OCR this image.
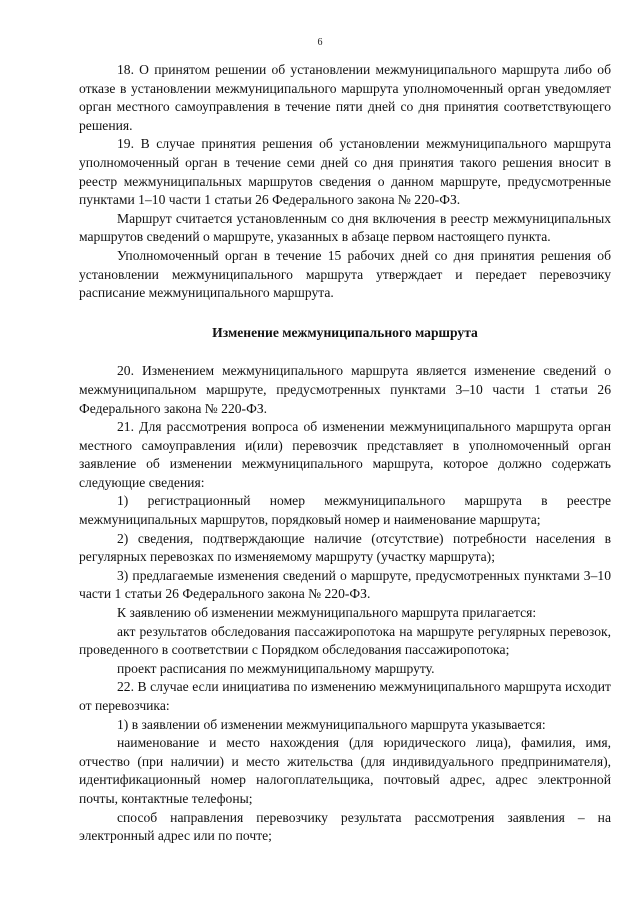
6

18. О принятом решении об установлении межмуниципального маршрута либо об отказе в установлении межмуниципального маршрута уполномоченный орган уведомляет орган местного самоуправления в течение пяти дней со дня принятия соответствующего решения.

19. В случае принятия решения об установлении межмуниципального маршрута уполномоченный орган в течение семи дней со дня принятия такого решения вносит в реестр межмуниципальных маршрутов сведения о данном маршруте, предусмотренные пунктами 1–10 части 1 статьи 26 Федерального закона № 220-ФЗ.

Маршрут считается установленным со дня включения в реестр межмуниципальных маршрутов сведений о маршруте, указанных в абзаце первом настоящего пункта.

Уполномоченный орган в течение 15 рабочих дней со дня принятия решения об установлении межмуниципального маршрута утверждает и передает перевозчику расписание межмуниципального маршрута.

Изменение межмуниципального маршрута

20. Изменением межмуниципального маршрута является изменение сведений о межмуниципальном маршруте, предусмотренных пунктами 3–10 части 1 статьи 26 Федерального закона № 220-ФЗ.

21. Для рассмотрения вопроса об изменении межмуниципального маршрута орган местного самоуправления и(или) перевозчик представляет в уполномоченный орган заявление об изменении межмуниципального маршрута, которое должно содержать следующие сведения:

1) регистрационный номер межмуниципального маршрута в реестре межмуниципальных маршрутов, порядковый номер и наименование маршрута;

2) сведения, подтверждающие наличие (отсутствие) потребности населения в регулярных перевозках по изменяемому маршруту (участку маршрута);

3) предлагаемые изменения сведений о маршруте, предусмотренных пунктами 3–10 части 1 статьи 26 Федерального закона № 220-ФЗ.

К заявлению об изменении межмуниципального маршрута прилагается:

акт результатов обследования пассажиропотока на маршруте регулярных перевозок, проведенного в соответствии с Порядком обследования пассажиропотока;

проект расписания по межмуниципальному маршруту.

22. В случае если инициатива по изменению межмуниципального маршрута исходит от перевозчика:

1) в заявлении об изменении межмуниципального маршрута указывается:

наименование и место нахождения (для юридического лица), фамилия, имя, отчество (при наличии) и место жительства (для индивидуального предпринимателя), идентификационный номер налогоплательщика, почтовый адрес, адрес электронной почты, контактные телефоны;

способ направления перевозчику результата рассмотрения заявления – на электронный адрес или по почте;
